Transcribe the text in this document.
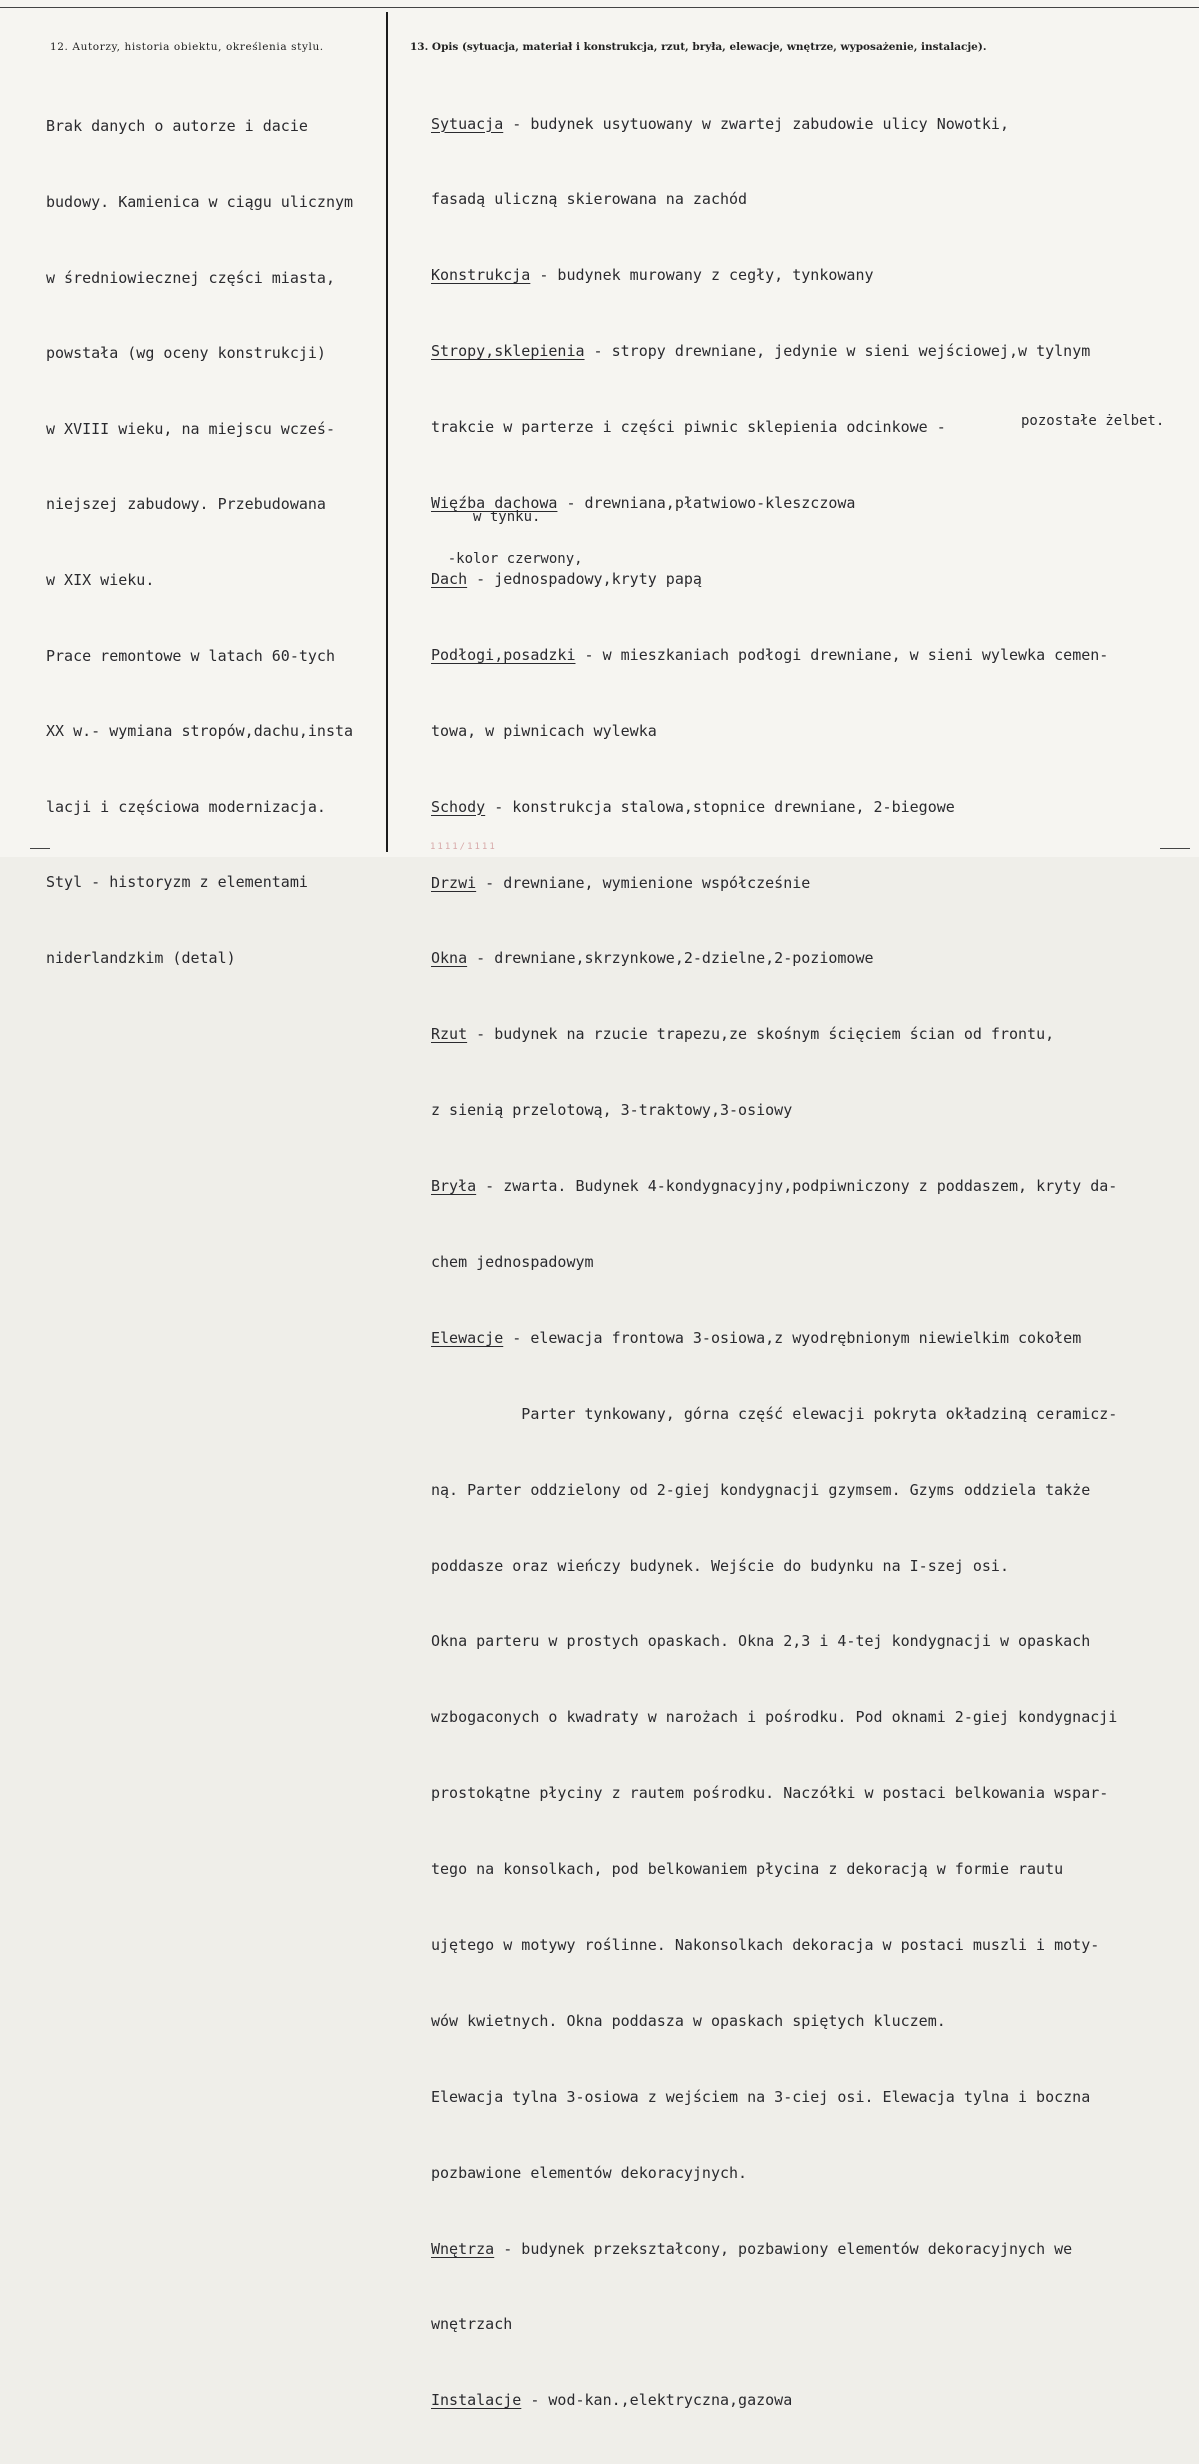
12. Autorzy, historia obiektu, określenia stylu.

Brak danych o autorze i dacie

budowy. Kamienica w ciągu ulicznym

w średniowiecznej części miasta,

powstała (wg oceny konstrukcji)

w XVIII wieku, na miejscu wcześ-

niejszej zabudowy. Przebudowana

w XIX wieku.

Prace remontowe w latach 60-tych

XX w.- wymiana stropów,dachu,insta

lacji i częściowa modernizacja.

Styl - historyzm z elementami

niderlandzkim (detal)

13. Opis (sytuacja, materiał i konstrukcja, rzut, bryła, elewacje, wnętrze, wyposażenie, instalacje).

Sytuacja - budynek usytuowany w zwartej zabudowie ulicy Nowotki,

fasadą uliczną skierowana na zachód

Konstrukcja - budynek murowany z cegły, tynkowany

Stropy,sklepienia - stropy drewniane, jedynie w sieni wejściowej,w tylnym

trakcie w parterze i części piwnic sklepienia odcinkowe -	pozostałe żelbet.

Więźba dachowa - drewniana,płatwiowo-kleszczowa

Dach - jednospadowy,kryty papą

Podłogi,posadzki - w mieszkaniach podłogi drewniane, w sieni wylewka cemen-

towa, w piwnicach wylewka

Schody - konstrukcja stalowa,stopnice drewniane, 2-biegowe

Drzwi - drewniane, wymienione współcześnie

Okna - drewniane,skrzynkowe,2-dzielne,2-poziomowe

Rzut - budynek na rzucie trapezu,ze skośnym ścięciem ścian od frontu,

z sienią przelotową, 3-traktowy,3-osiowy

Bryła - zwarta. Budynek 4-kondygnacyjny,podpiwniczony z poddaszem, kryty da-

chem jednospadowym

Elewacje - elewacja frontowa 3-osiowa,z wyodrębnionym niewielkim cokołem

Parter tynkowany, górna część elewacji pokryta okładziną ceramicz-

ną. Parter oddzielony od 2-giej kondygnacji gzymsem. Gzyms oddziela także

poddasze oraz wieńczy budynek. Wejście do budynku na I-szej osi.

Okna parteru w prostych opaskach. Okna 2,3 i 4-tej kondygnacji w opaskach

wzbogaconych o kwadraty w narożach i pośrodku. Pod oknami 2-giej kondygnacji

prostokątne płyciny z rautem pośrodku. Naczółki w postaci belkowania wspar-

tego na konsolkach, pod belkowaniem płycina z dekoracją w formie rautu

ujętego w motywy roślinne. Nakonsolkach dekoracja w postaci muszli i moty-

wów kwietnych. Okna poddasza w opaskach spiętych kluczem.

Elewacja tylna 3-osiowa z wejściem na 3-ciej osi. Elewacja tylna i boczna

pozbawione elementów dekoracyjnych.

Wnętrza - budynek przekształcony, pozbawiony elementów dekoracyjnych we

wnętrzach

Instalacje - wod-kan.,elektryczna,gazowa

w tynku.

-kolor czerwony,

1111/1111
